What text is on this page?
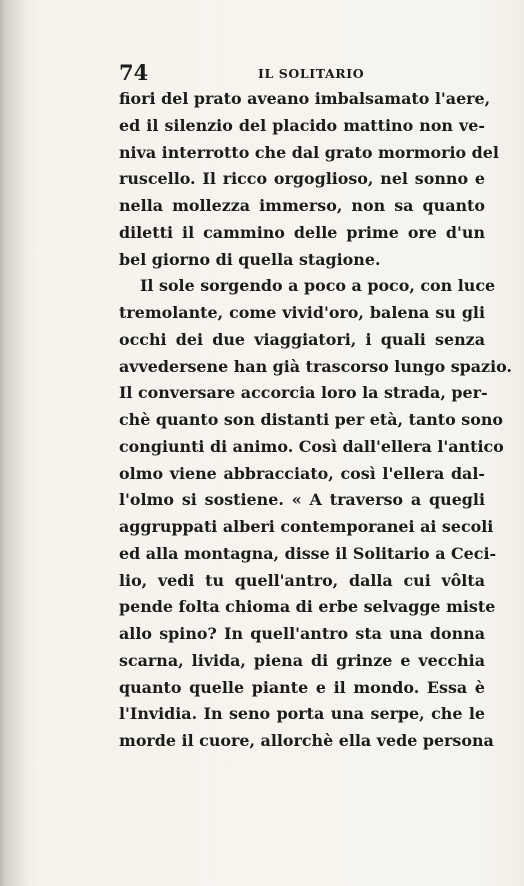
74	IL SOLITARIO
fiori del prato aveano imbalsamato l'aere,
ed il silenzio del placido mattino non ve-
niva interrotto che dal grato mormorio del
ruscello. Il ricco orgoglioso, nel sonno e
nella mollezza immerso, non sa quanto
diletti il cammino delle prime ore d'un
bel giorno di quella stagione.
Il sole sorgendo a poco a poco, con luce
tremolante, come vivid'oro, balena su gli
occhi dei due viaggiatori, i quali senza
avvedersene han già trascorso lungo spazio.
Il conversare accorcia loro la strada, per-
chè quanto son distanti per età, tanto sono
congiunti di animo. Così dall'ellera l'antico
olmo viene abbracciato, così l'ellera dal-
l'olmo si sostiene. « A traverso a quegli
aggruppati alberi contemporanei ai secoli
ed alla montagna, disse il Solitario a Ceci-
lio, vedi tu quell'antro, dalla cui vôlta
pende folta chioma di erbe selvagge miste
allo spino? In quell'antro sta una donna
scarna, livida, piena di grinze e vecchia
quanto quelle piante e il mondo. Essa è
l'Invidia. In seno porta una serpe, che le
morde il cuore, allorchè ella vede persona
